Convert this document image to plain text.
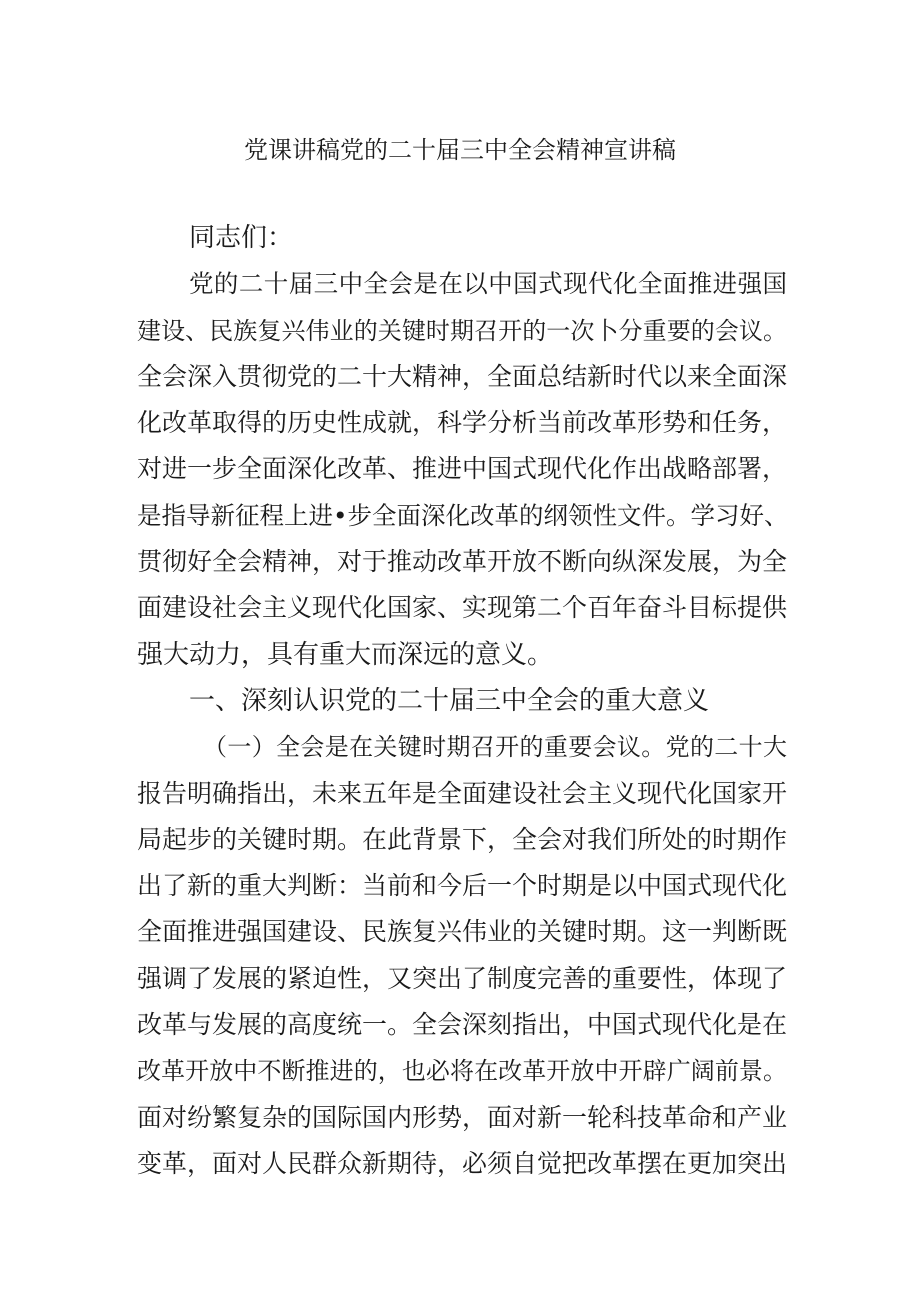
党课讲稿党的二十届三中全会精神宣讲稿
同志们：
党的二十届三中全会是在以中国式现代化全面推进强国
建设、民族复兴伟业的关键时期召开的一次卜分重要的会议。
全会深入贯彻党的二十大精神，全面总结新时代以来全面深
化改革取得的历史性成就，科学分析当前改革形势和任务，
对进一步全面深化改革、推进中国式现代化作出战略部署，
是指导新征程上进•步全面深化改革的纲领性文件。学习好、
贯彻好全会精神，对于推动改革开放不断向纵深发展，为全
面建设社会主义现代化国家、实现第二个百年奋斗目标提供
强大动力，具有重大而深远的意义。
一、深刻认识党的二十届三中全会的重大意义
（一）全会是在关键时期召开的重要会议。党的二十大
报告明确指出，未来五年是全面建设社会主义现代化国家开
局起步的关键时期。在此背景下，全会对我们所处的时期作
出了新的重大判断：当前和今后一个时期是以中国式现代化
全面推进强国建设、民族复兴伟业的关键时期。这一判断既
强调了发展的紧迫性，又突出了制度完善的重要性，体现了
改革与发展的高度统一。全会深刻指出，中国式现代化是在
改革开放中不断推进的，也必将在改革开放中开辟广阔前景。
面对纷繁复杂的国际国内形势，面对新一轮科技革命和产业
变革，面对人民群众新期待，必须自觉把改革摆在更加突出
